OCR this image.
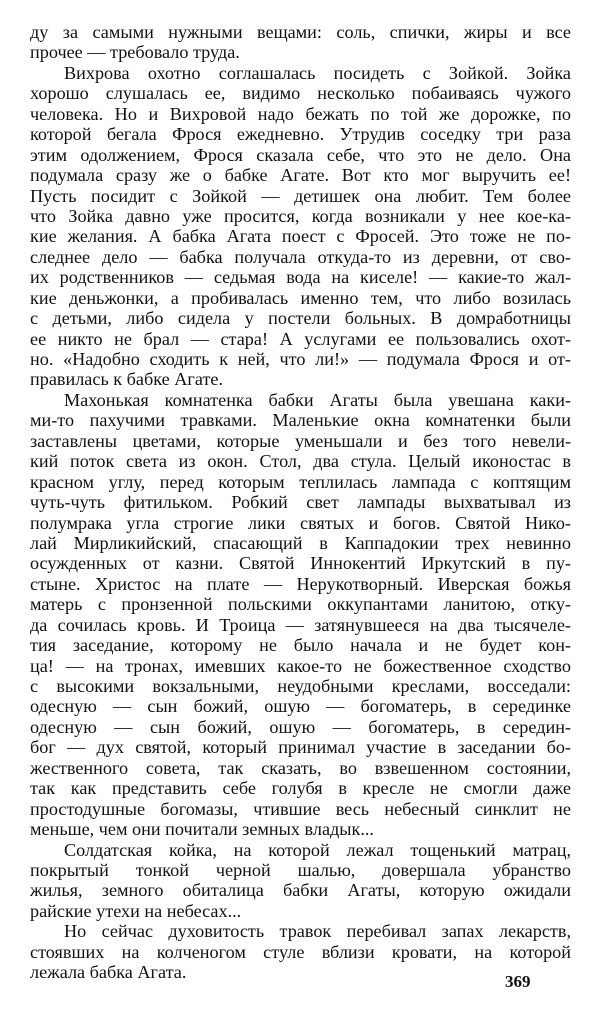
ду за самыми нужными вещами: соль, спички, жиры и все
прочее — требовало труда.
Вихрова охотно соглашалась посидеть с Зойкой. Зойка
хорошо слушалась ее, видимо несколько побаиваясь чужого
человека. Но и Вихровой надо бежать по той же дорожке, по
которой бегала Фрося ежедневно. Утрудив соседку три раза
этим одолжением, Фрося сказала себе, что это не дело. Она
подумала сразу же о бабке Агате. Вот кто мог выручить ее!
Пусть посидит с Зойкой — детишек она любит. Тем более
что Зойка давно уже просится, когда возникали у нее кое-ка-
кие желания. А бабка Агата поест с Фросей. Это тоже не по-
следнее дело — бабка получала откуда-то из деревни, от сво-
их родственников — седьмая вода на киселе! — какие-то жал-
кие деньжонки, а пробивалась именно тем, что либо возилась
с детьми, либо сидела у постели больных. В домработницы
ее никто не брал — стара! А услугами ее пользовались охот-
но. «Надобно сходить к ней, что ли!» — подумала Фрося и от-
правилась к бабке Агате.
Махонькая комнатенка бабки Агаты была увешана каки-
ми-то пахучими травками. Маленькие окна комнатенки были
заставлены цветами, которые уменьшали и без того невели-
кий поток света из окон. Стол, два стула. Целый иконостас в
красном углу, перед которым теплилась лампада с коптящим
чуть-чуть фитильком. Робкий свет лампады выхватывал из
полумрака угла строгие лики святых и богов. Святой Нико-
лай Мирликийский, спасающий в Каппадокии трех невинно
осужденных от казни. Святой Иннокентий Иркутский в пу-
стыне. Христос на плате — Нерукотворный. Иверская божья
матерь с пронзенной польскими оккупантами ланитою, отку-
да сочилась кровь. И Троица — затянувшееся на два тысячеле-
тия заседание, которому не было начала и не будет кон-
ца! — на тронах, имевших какое-то не божественное сходство
с высокими вокзальными, неудобными креслами, восседали:
одесную — сын божий, ошую — богоматерь, в серединке
одесную — сын божий, ошую — богоматерь, в середин-
бог — дух святой, который принимал участие в заседании бо-
жественного совета, так сказать, во взвешенном состоянии,
так как представить себе голубя в кресле не смогли даже
простодушные богомазы, чтившие весь небесный синклит не
меньше, чем они почитали земных владык...
Солдатская койка, на которой лежал тощенький матрац,
покрытый тонкой черной шалью, довершала убранство
жилья, земного обиталица бабки Агаты, которую ожидали
райские утехи на небесах...
Но сейчас духовитость травок перебивал запах лекарств,
стоявших на колченогом стуле вблизи кровати, на которой
лежала бабка Агата.	369
